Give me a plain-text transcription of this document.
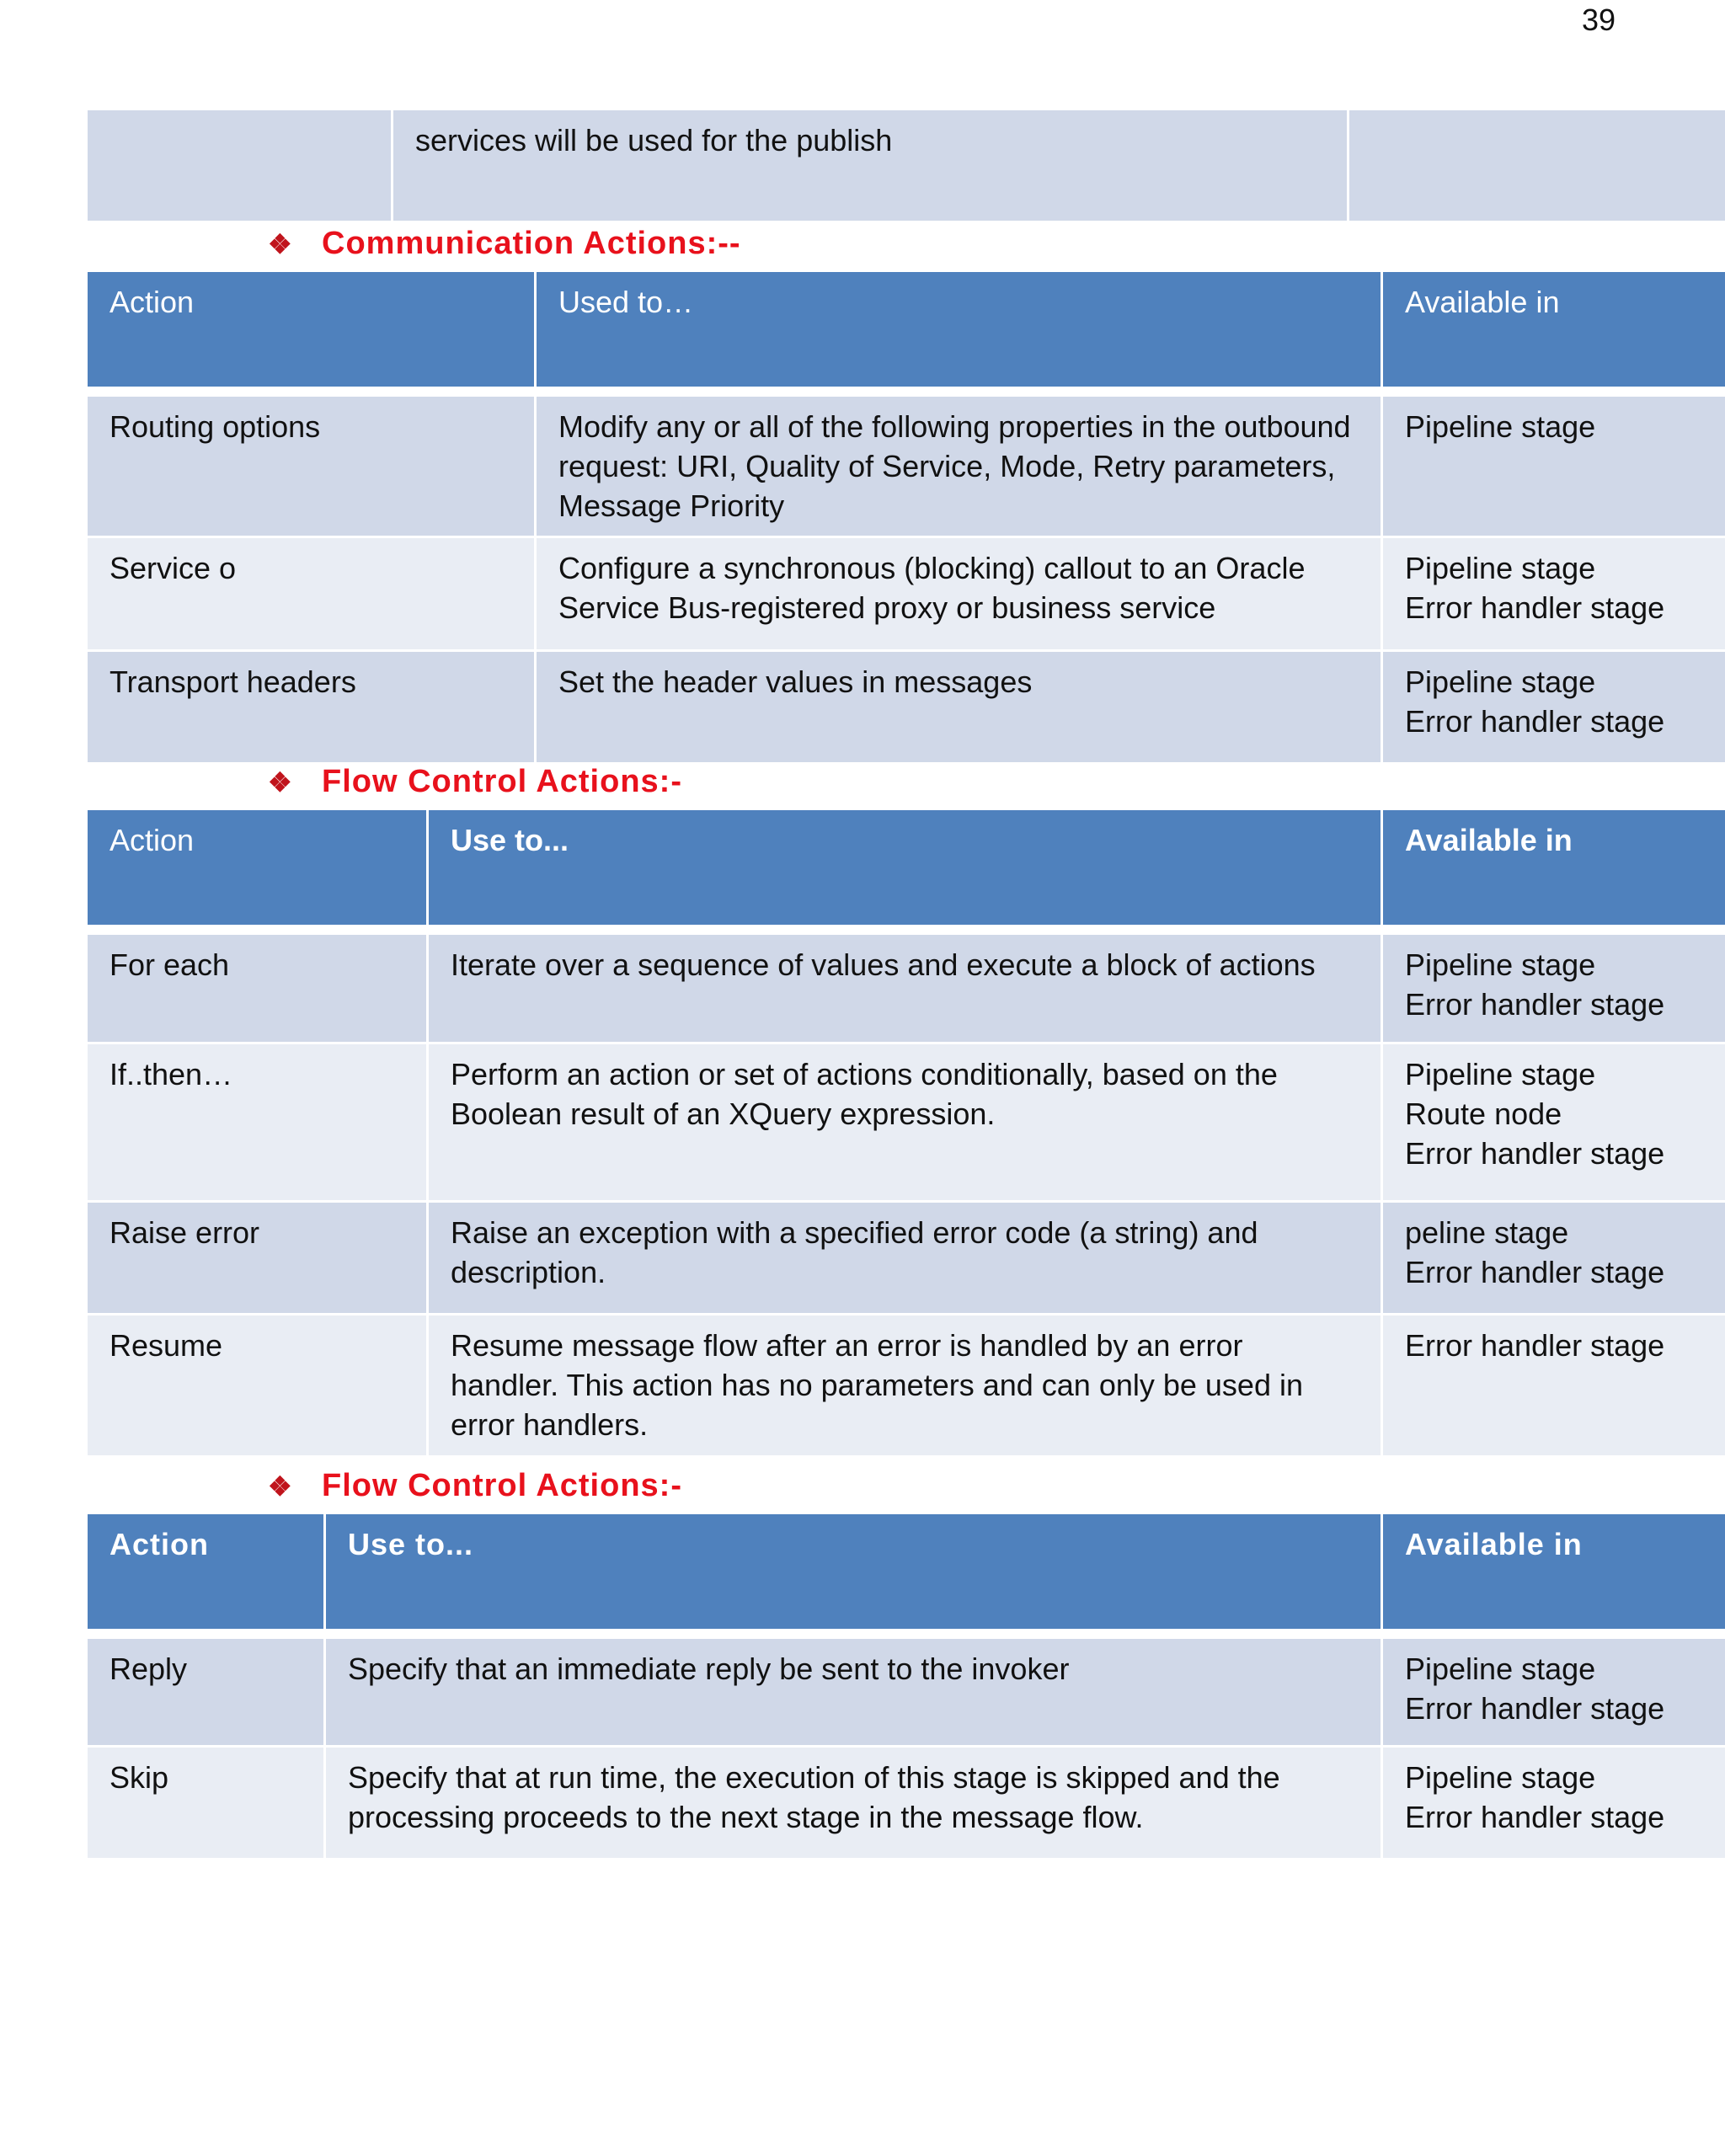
39
	services will be used for the publish	
❖ Communication Actions:--
Action	Used to…	Available in
Routing options	Modify any or all of the following properties in the outbound request: URI, Quality of Service, Mode, Retry parameters, Message Priority	Pipeline stage

Service o	Configure a synchronous (blocking) callout to an Oracle Service Bus-registered proxy or business service	Pipeline stage
Error handler stage

Transport headers	Set the header values in messages	Pipeline stage
Error handler stage
❖ Flow Control Actions:-
Action	Use to...	Available in
For each	Iterate over a sequence of values and execute a block of actions	Pipeline stage
Error handler stage

If..then…	Perform an action or set of actions conditionally, based on the Boolean result of an XQuery expression.	Pipeline stage
Route node
Error handler stage

Raise error	Raise an exception with a specified error code (a string) and description.	peline stage
Error handler stage

Resume	Resume message flow after an error is handled by an error handler. This action has no parameters and can only be used in error handlers.	Error handler stage
❖ Flow Control Actions:-
Action	Use to...	Available in
Reply	Specify that an immediate reply be sent to the invoker	Pipeline stage
Error handler stage

Skip	Specify that at run time, the execution of this stage is skipped and the processing proceeds to the next stage in the message flow.	Pipeline stage
Error handler stage
